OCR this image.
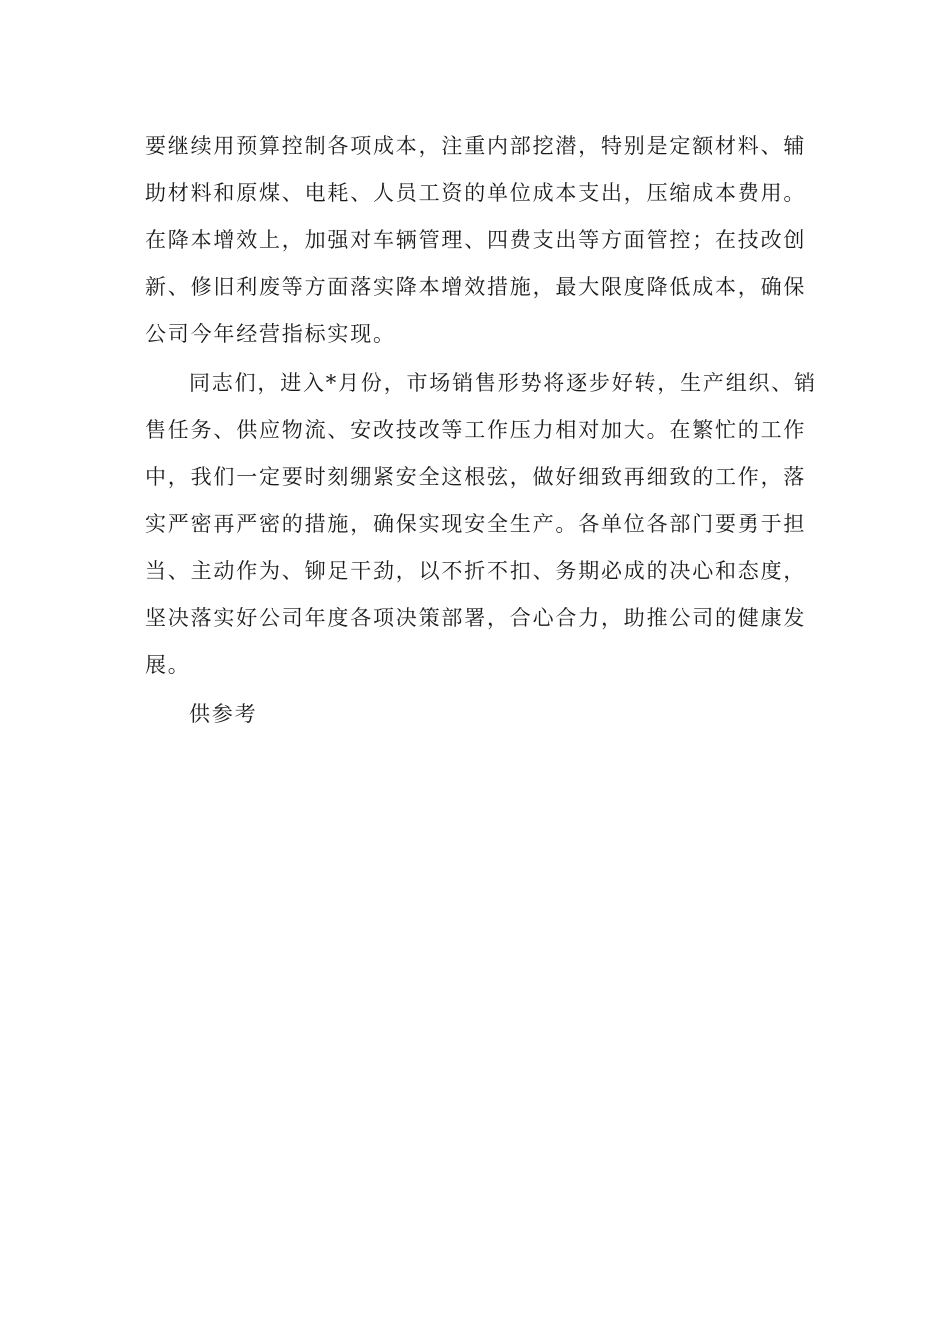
要继续用预算控制各项成本，注重内部挖潜，特别是定额材料、辅
助材料和原煤、电耗、人员工资的单位成本支出，压缩成本费用。
在降本增效上，加强对车辆管理、四费支出等方面管控；在技改创
新、修旧利废等方面落实降本增效措施，最大限度降低成本，确保
公司今年经营指标实现。
同志们，进入*月份，市场销售形势将逐步好转，生产组织、销
售任务、供应物流、安改技改等工作压力相对加大。在繁忙的工作
中，我们一定要时刻绷紧安全这根弦，做好细致再细致的工作，落
实严密再严密的措施，确保实现安全生产。各单位各部门要勇于担
当、主动作为、铆足干劲，以不折不扣、务期必成的决心和态度，
坚决落实好公司年度各项决策部署，合心合力，助推公司的健康发
展。
供参考
